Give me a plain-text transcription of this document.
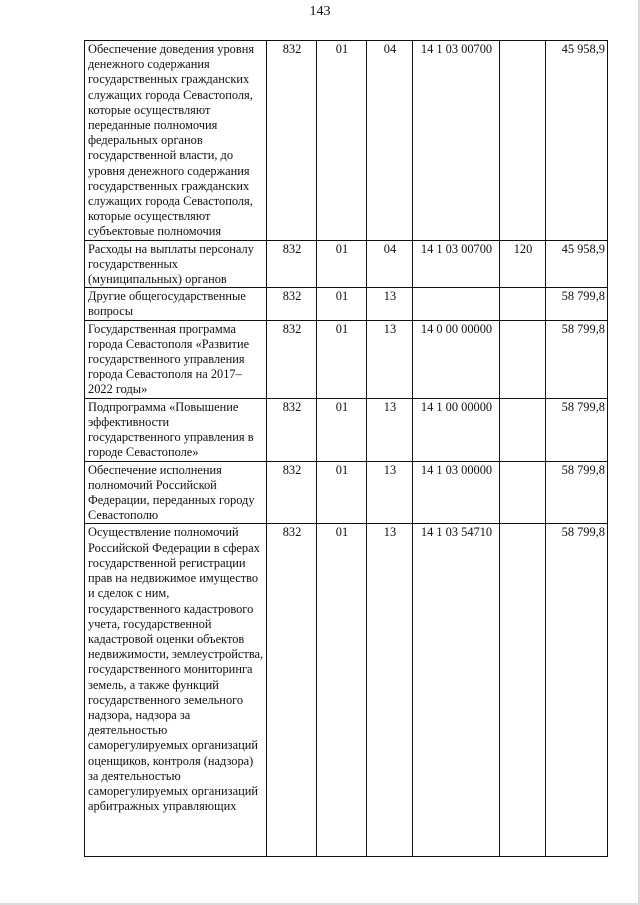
143
Обеспечение доведения уровня денежного содержания государственных гражданских служащих города Севастополя, которые осуществляют переданные полномочия федеральных органов государственной власти, до уровня денежного содержания государственных гражданских служащих города Севастополя, которые осуществляют субъектовые полномочия	832	01	04	14 1 03 00700		45 958,9
Расходы на выплаты персоналу государственных (муниципальных) органов	832	01	04	14 1 03 00700	120	45 958,9
Другие общегосударственные вопросы	832	01	13			58 799,8
Государственная программа города Севастополя «Развитие государственного управления города Севастополя на 2017–2022 годы»	832	01	13	14 0 00 00000		58 799,8
Подпрограмма «Повышение эффективности государственного управления в городе Севастополе»	832	01	13	14 1 00 00000		58 799,8
Обеспечение исполнения полномочий Российской Федерации, переданных городу Севастополю	832	01	13	14 1 03 00000		58 799,8
Осуществление полномочий Российской Федерации в сферах государственной регистрации прав на недвижимое имущество и сделок с ним, государственного кадастрового учета, государственной кадастровой оценки объектов недвижимости, землеустройства, государственного мониторинга земель, а также функций государственного земельного надзора, надзора за деятельностью саморегулируемых организаций оценщиков, контроля (надзора) за деятельностью саморегулируемых организаций арбитражных управляющих	832	01	13	14 1 03 54710		58 799,8
